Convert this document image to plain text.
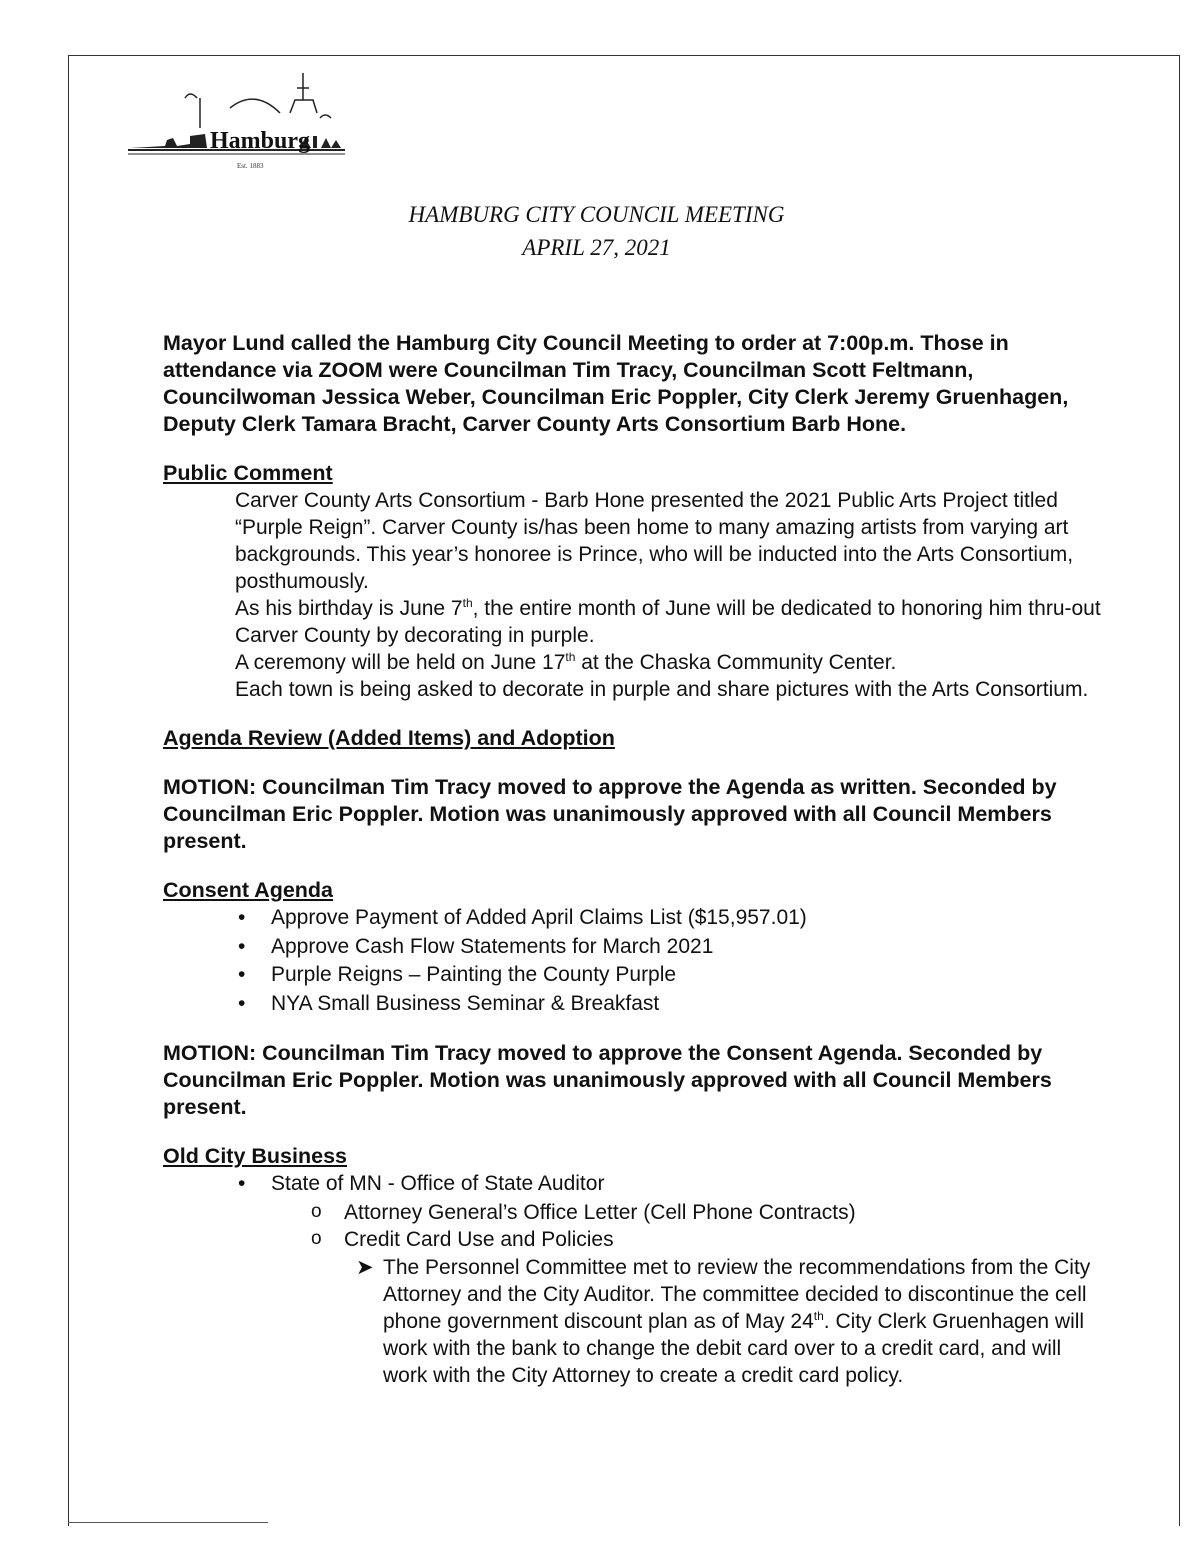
Hamburg
Est. 1883
HAMBURG CITY COUNCIL MEETING
APRIL 27, 2021

Mayor Lund called the Hamburg City Council Meeting to order at 7:00p.m. Those in attendance via ZOOM were Councilman Tim Tracy, Councilman Scott Feltmann, Councilwoman Jessica Weber, Councilman Eric Poppler, City Clerk Jeremy Gruenhagen, Deputy Clerk Tamara Bracht, Carver County Arts Consortium Barb Hone.

Public Comment

Carver County Arts Consortium - Barb Hone presented the 2021 Public Arts Project titled “Purple Reign”. Carver County is/has been home to many amazing artists from varying art backgrounds. This year’s honoree is Prince, who will be inducted into the Arts Consortium, posthumously.

As his birthday is June 7th, the entire month of June will be dedicated to honoring him thru-out Carver County by decorating in purple.

A ceremony will be held on June 17th at the Chaska Community Center.

Each town is being asked to decorate in purple and share pictures with the Arts Consortium.

Agenda Review (Added Items) and Adoption

MOTION: Councilman Tim Tracy moved to approve the Agenda as written. Seconded by Councilman Eric Poppler. Motion was unanimously approved with all Council Members present.

Consent Agenda

• Approve Payment of Added April Claims List ($15,957.01)
• Approve Cash Flow Statements for March 2021
• Purple Reigns – Painting the County Purple
• NYA Small Business Seminar & Breakfast

MOTION: Councilman Tim Tracy moved to approve the Consent Agenda. Seconded by Councilman Eric Poppler. Motion was unanimously approved with all Council Members present.

Old City Business

• State of MN - Office of State Auditor
o Attorney General’s Office Letter (Cell Phone Contracts)
o Credit Card Use and Policies
➤ The Personnel Committee met to review the recommendations from the City Attorney and the City Auditor. The committee decided to discontinue the cell phone government discount plan as of May 24th. City Clerk Gruenhagen will work with the bank to change the debit card over to a credit card, and will work with the City Attorney to create a credit card policy.
